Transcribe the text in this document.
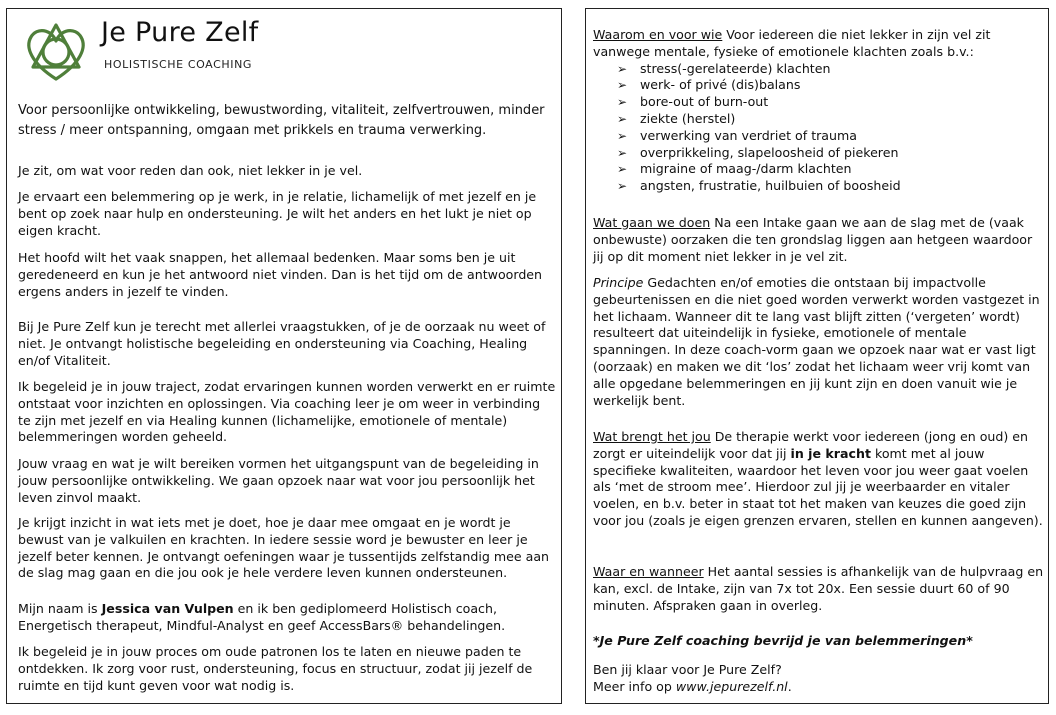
Je Pure Zelf
HOLISTISCHE COACHING

Voor persoonlijke ontwikkeling, bewustwording, vitaliteit, zelfvertrouwen, minder stress / meer ontspanning, omgaan met prikkels en trauma verwerking.

Je zit, om wat voor reden dan ook, niet lekker in je vel.

Je ervaart een belemmering op je werk, in je relatie, lichamelijk of met jezelf en je bent op zoek naar hulp en ondersteuning. Je wilt het anders en het lukt je niet op eigen kracht.

Het hoofd wilt het vaak snappen, het allemaal bedenken. Maar soms ben je uit geredeneerd en kun je het antwoord niet vinden. Dan is het tijd om de antwoorden ergens anders in jezelf te vinden.

Bij Je Pure Zelf kun je terecht met allerlei vraagstukken, of je de oorzaak nu weet of niet. Je ontvangt holistische begeleiding en ondersteuning via Coaching, Healing en/of Vitaliteit.

Ik begeleid je in jouw traject, zodat ervaringen kunnen worden verwerkt en er ruimte ontstaat voor inzichten en oplossingen. Via coaching leer je om weer in verbinding te zijn met jezelf en via Healing kunnen (lichamelijke, emotionele of mentale) belemmeringen worden geheeld.

Jouw vraag en wat je wilt bereiken vormen het uitgangspunt van de begeleiding in jouw persoonlijke ontwikkeling. We gaan opzoek naar wat voor jou persoonlijk het leven zinvol maakt.

Je krijgt inzicht in wat iets met je doet, hoe je daar mee omgaat en je wordt je bewust van je valkuilen en krachten. In iedere sessie word je bewuster en leer je jezelf beter kennen. Je ontvangt oefeningen waar je tussentijds zelfstandig mee aan de slag mag gaan en die jou ook je hele verdere leven kunnen ondersteunen.

Mijn naam is Jessica van Vulpen en ik ben gediplomeerd Holistisch coach, Energetisch therapeut, Mindful-Analyst en geef AccessBars® behandelingen.

Ik begeleid je in jouw proces om oude patronen los te laten en nieuwe paden te ontdekken. Ik zorg voor rust, ondersteuning, focus en structuur, zodat jij jezelf de ruimte en tijd kunt geven voor wat nodig is.

Waarom en voor wie Voor iedereen die niet lekker in zijn vel zit vanwege mentale, fysieke of emotionele klachten zoals b.v.:
➢ stress(-gerelateerde) klachten
➢ werk- of privé (dis)balans
➢ bore-out of burn-out
➢ ziekte (herstel)
➢ verwerking van verdriet of trauma
➢ overprikkeling, slapeloosheid of piekeren
➢ migraine of maag-/darm klachten
➢ angsten, frustratie, huilbuien of boosheid

Wat gaan we doen Na een Intake gaan we aan de slag met de (vaak onbewuste) oorzaken die ten grondslag liggen aan hetgeen waardoor jij op dit moment niet lekker in je vel zit.

Principe Gedachten en/of emoties die ontstaan bij impactvolle gebeurtenissen en die niet goed worden verwerkt worden vastgezet in het lichaam. Wanneer dit te lang vast blijft zitten (‘vergeten’ wordt) resulteert dat uiteindelijk in fysieke, emotionele of mentale spanningen. In deze coach-vorm gaan we opzoek naar wat er vast ligt (oorzaak) en maken we dit ‘los’ zodat het lichaam weer vrij komt van alle opgedane belemmeringen en jij kunt zijn en doen vanuit wie je werkelijk bent.

Wat brengt het jou De therapie werkt voor iedereen (jong en oud) en zorgt er uiteindelijk voor dat jij in je kracht komt met al jouw specifieke kwaliteiten, waardoor het leven voor jou weer gaat voelen als ‘met de stroom mee’. Hierdoor zul jij je weerbaarder en vitaler voelen, en b.v. beter in staat tot het maken van keuzes die goed zijn voor jou (zoals je eigen grenzen ervaren, stellen en kunnen aangeven).

Waar en wanneer Het aantal sessies is afhankelijk van de hulpvraag en kan, excl. de Intake, zijn van 7x tot 20x. Een sessie duurt 60 of 90 minuten. Afspraken gaan in overleg.

*Je Pure Zelf coaching bevrijd je van belemmeringen*

Ben jij klaar voor Je Pure Zelf?
Meer info op www.jepurezelf.nl.
